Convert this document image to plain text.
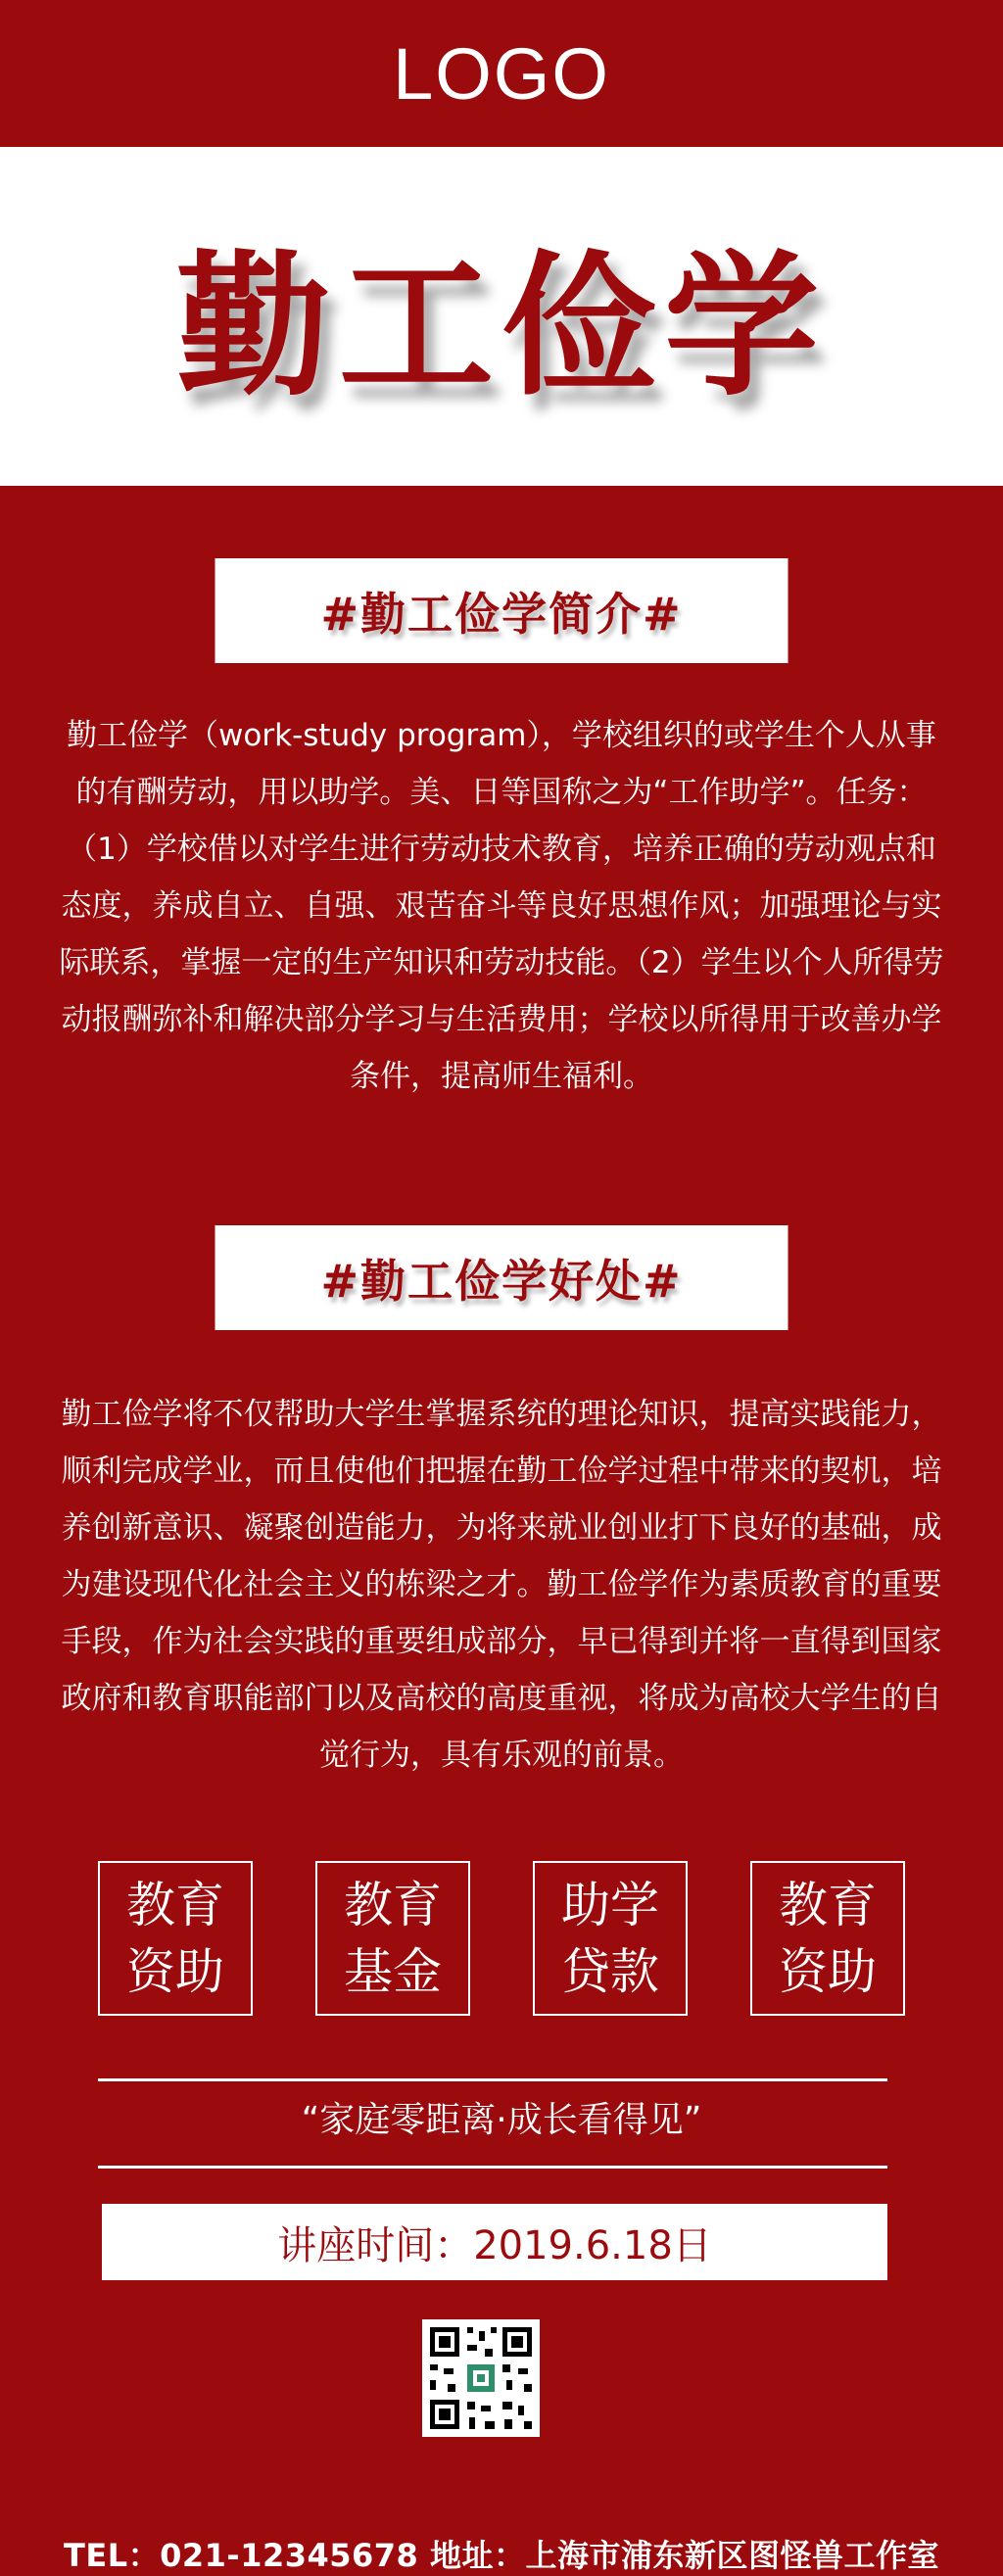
LOGO
勤工俭学
#勤工俭学简介#
勤工俭学（work-study program），学校组织的或学生个人从事的有酬劳动，用以助学。美、日等国称之为“工作助学”。任务：（1）学校借以对学生进行劳动技术教育，培养正确的劳动观点和态度，养成自立、自强、艰苦奋斗等良好思想作风；加强理论与实际联系，掌握一定的生产知识和劳动技能。（2）学生以个人所得劳动报酬弥补和解决部分学习与生活费用；学校以所得用于改善办学条件，提高师生福利。
#勤工俭学好处#
勤工俭学将不仅帮助大学生掌握系统的理论知识，提高实践能力，顺利完成学业，而且使他们把握在勤工俭学过程中带来的契机，培养创新意识、凝聚创造能力，为将来就业创业打下良好的基础，成为建设现代化社会主义的栋梁之才。勤工俭学作为素质教育的重要手段，作为社会实践的重要组成部分，早已得到并将一直得到国家政府和教育职能部门以及高校的高度重视，将成为高校大学生的自觉行为，具有乐观的前景。
教育
资助
教育
基金
助学
贷款
教育
资助
“家庭零距离·成长看得见”
讲座时间：2019.6.18日
TEL：021-12345678 地址：上海市浦东新区图怪兽工作室
